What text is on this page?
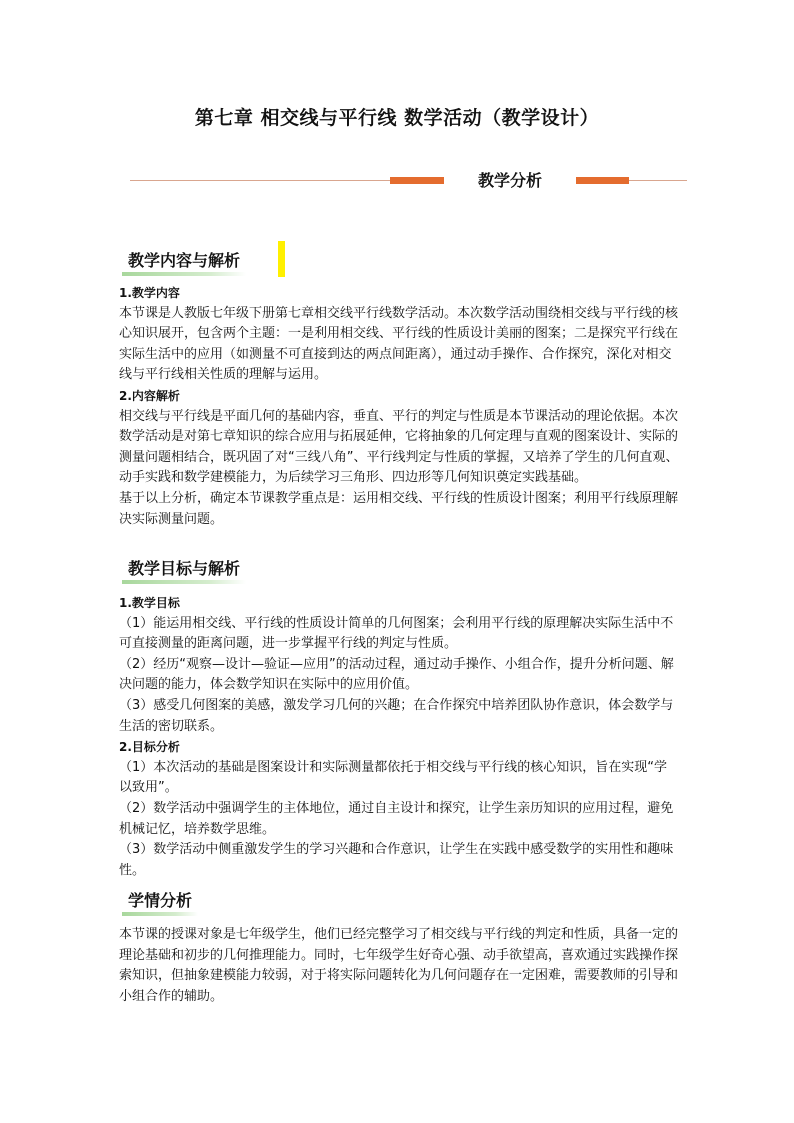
第七章 相交线与平行线 数学活动（教学设计）
教学分析
教学内容与解析

1.教学内容

本节课是人教版七年级下册第七章相交线平行线数学活动。本次数学活动围绕相交线与平行线的核心知识展开，包含两个主题：一是利用相交线、平行线的性质设计美丽的图案；二是探究平行线在实际生活中的应用（如测量不可直接到达的两点间距离），通过动手操作、合作探究，深化对相交线与平行线相关性质的理解与运用。

2.内容解析

相交线与平行线是平面几何的基础内容，垂直、平行的判定与性质是本节课活动的理论依据。本次数学活动是对第七章知识的综合应用与拓展延伸，它将抽象的几何定理与直观的图案设计、实际的测量问题相结合，既巩固了对“三线八角”、平行线判定与性质的掌握，又培养了学生的几何直观、动手实践和数学建模能力，为后续学习三角形、四边形等几何知识奠定实践基础。

基于以上分析，确定本节课教学重点是：运用相交线、平行线的性质设计图案；利用平行线原理解决实际测量问题。

教学目标与解析

1.教学目标

（1）能运用相交线、平行线的性质设计简单的几何图案；会利用平行线的原理解决实际生活中不可直接测量的距离问题，进一步掌握平行线的判定与性质。

（2）经历“观察—设计—验证—应用”的活动过程，通过动手操作、小组合作，提升分析问题、解决问题的能力，体会数学知识在实际中的应用价值。

（3）感受几何图案的美感，激发学习几何的兴趣；在合作探究中培养团队协作意识，体会数学与生活的密切联系。

2.目标分析

（1）本次活动的基础是图案设计和实际测量都依托于相交线与平行线的核心知识，旨在实现“学以致用”。

（2）数学活动中强调学生的主体地位，通过自主设计和探究，让学生亲历知识的应用过程，避免机械记忆，培养数学思维。

（3）数学活动中侧重激发学生的学习兴趣和合作意识，让学生在实践中感受数学的实用性和趣味性。

学情分析

本节课的授课对象是七年级学生，他们已经完整学习了相交线与平行线的判定和性质，具备一定的理论基础和初步的几何推理能力。同时，七年级学生好奇心强、动手欲望高，喜欢通过实践操作探索知识，但抽象建模能力较弱，对于将实际问题转化为几何问题存在一定困难，需要教师的引导和小组合作的辅助。
